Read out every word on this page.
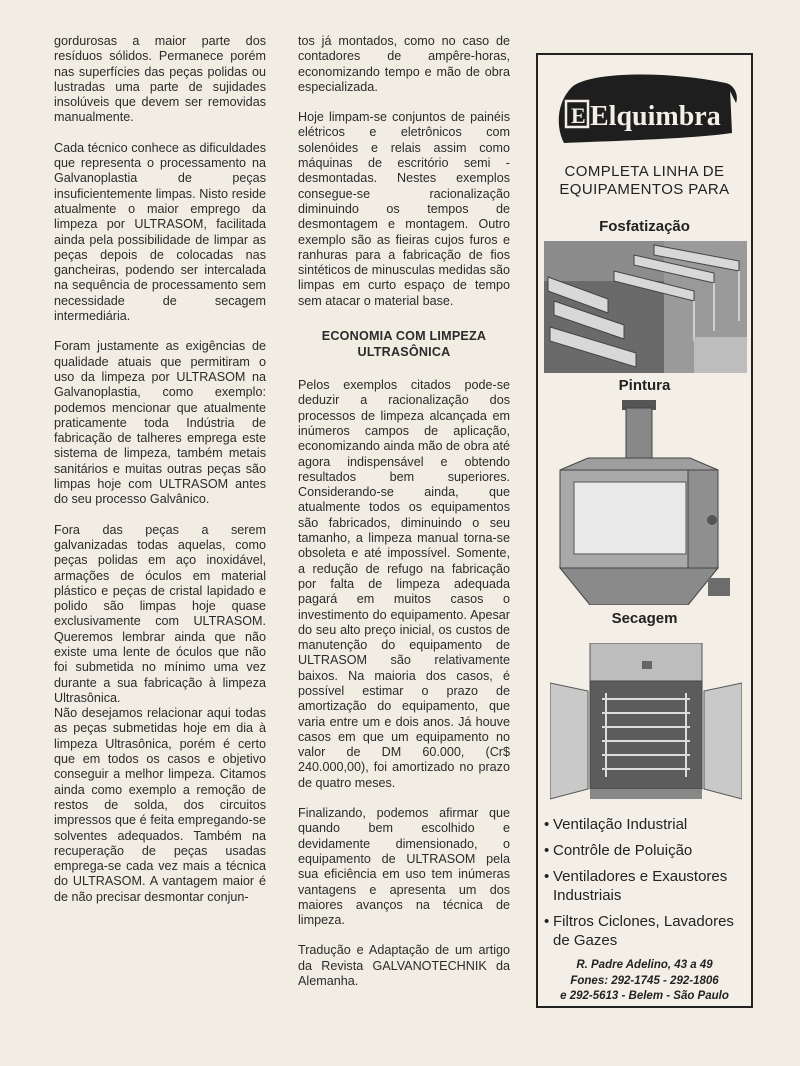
gordurosas a maior parte dos resíduos sólidos. Permanece porém nas superfícies das peças polidas ou lustradas uma parte de sujidades insolúveis que devem ser removidas manualmente.

Cada técnico conhece as dificuldades que representa o processamento na Galvanoplastia de peças insuficientemente limpas. Nisto reside atualmente o maior emprego da limpeza por ULTRASOM, facilitada ainda pela possibilidade de limpar as peças depois de colocadas nas gancheiras, podendo ser intercalada na sequência de processamento sem necessidade de secagem intermediária.

Foram justamente as exigências de qualidade atuais que permitiram o uso da limpeza por ULTRASOM na Galvanoplastia, como exemplo: podemos mencionar que atualmente praticamente toda Indústria de fabricação de talheres emprega este sistema de limpeza, também metais sanitários e muitas outras peças são limpas hoje com ULTRASOM antes do seu processo Galvânico.

Fora das peças a serem galvanizadas todas aquelas, como peças polidas em aço inoxidável, armações de óculos em material plástico e peças de cristal lapidado e polido são limpas hoje quase exclusivamente com ULTRASOM. Queremos lembrar ainda que não existe uma lente de óculos que não foi submetida no mínimo uma vez durante a sua fabricação à limpeza Ultrasônica.

Não desejamos relacionar aqui todas as peças submetidas hoje em dia à limpeza Ultrasônica, porém é certo que em todos os casos e objetivo conseguir a melhor limpeza. Citamos ainda como exemplo a remoção de restos de solda, dos circuitos impressos que é feita empregando-se solventes adequados. Também na recuperação de peças usadas emprega-se cada vez mais a técnica do ULTRASOM. A vantagem maior é de não precisar desmontar conjun-

tos já montados, como no caso de contadores de ampêre-horas, economizando tempo e mão de obra especializada.

Hoje limpam-se conjuntos de painéis elétricos e eletrônicos com solenóides e relais assim como máquinas de escritório semi - desmontadas. Nestes exemplos consegue-se racionalização diminuindo os tempos de desmontagem e montagem. Outro exemplo são as fieiras cujos furos e ranhuras para a fabricação de fios sintéticos de minusculas medidas são limpas em curto espaço de tempo sem atacar o material base.

ECONOMIA COM LIMPEZA ULTRASÔNICA

Pelos exemplos citados pode-se deduzir a racionalização dos processos de limpeza alcançada em inúmeros campos de aplicação, economizando ainda mão de obra até agora indispensável e obtendo resultados bem superiores. Considerando-se ainda, que atualmente todos os equipamentos são fabricados, diminuindo o seu tamanho, a limpeza manual torna-se obsoleta e até impossível. Somente, a redução de refugo na fabricação por falta de limpeza adequada pagará em muitos casos o investimento do equipamento. Apesar do seu alto preço inicial, os custos de manutenção do equipamento de ULTRASOM são relativamente baixos. Na maioria dos casos, é possível estimar o prazo de amortização do equipamento, que varia entre um e dois anos. Já houve casos em que um equipamento no valor de DM 60.000, (Cr$ 240.000,00), foi amortizado no prazo de quatro meses.

Finalizando, podemos afirmar que quando bem escolhido e devidamente dimensionado, o equipamento de ULTRASOM pela sua eficiência em uso tem inúmeras vantagens e apresenta um dos maiores avanços na técnica de limpeza.

Tradução e Adaptação de um artigo da Revista GALVANOTECHNIK da Alemanha.

E Elquimbra
COMPLETA LINHA DE
EQUIPAMENTOS PARA
Fosfatização
Pintura
Secagem
• Ventilação Industrial
• Contrôle de Poluição
• Ventiladores e Exaustores Industriais
• Filtros Ciclones, Lavadores de Gazes
R. Padre Adelino, 43 a 49
Fones: 292-1745 - 292-1806
e 292-5613 - Belem - São Paulo
